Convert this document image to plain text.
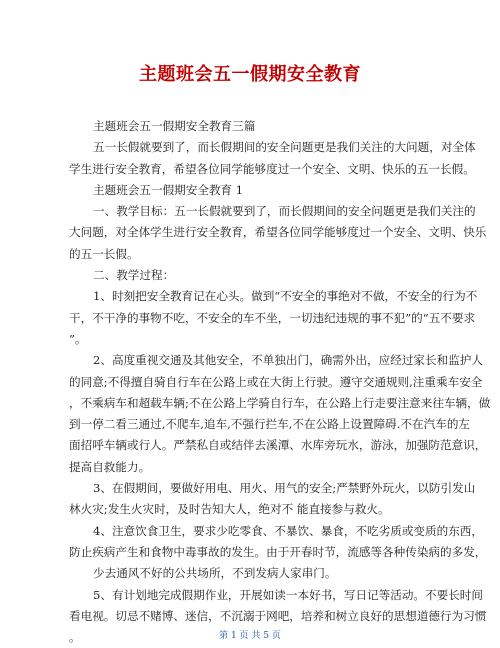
主题班会五一假期安全教育

主题班会五一假期安全教育三篇

五一长假就要到了，而长假期间的安全问题更是我们关注的大问题，对全体

学生进行安全教育，希望各位同学能够度过一个安全、文明、快乐的五一长假。

主题班会五一假期安全教育 1

一、教学目标：五一长假就要到了，而长假期间的安全问题更是我们关注的

大问题，对全体学生进行安全教育，希望各位同学能够度过一个安全、文明、快乐

的五一长假。

二、教学过程：

1、时刻把安全教育记在心头。做到“不安全的事绝对不做，不安全的行为不

干，不干净的事物不吃，不安全的车不坐，一切违纪违规的事不犯”的“五不要求

”。

2、高度重视交通及其他安全，不单独出门，确需外出，应经过家长和监护人

的同意;不得擅自骑自行车在公路上或在大街上行驶。遵守交通规则,注重乘车安全

，不乘病车和超载车辆;不在公路上学骑自行车，在公路上行走要注意来往车辆，做

到一停二看三通过,不爬车,追车,不强行拦车,不在公路上设置障碍.不在汽车的左

面招呼车辆或行人。严禁私自或结伴去溪潭、水库旁玩水，游泳，加强防范意识，

提高自救能力。

3、在假期间，要做好用电、用火、用气的安全;严禁野外玩火，以防引发山

林火灾;发生火灾时，及时告知大人，绝对不 能直接参与救火。

4、注意饮食卫生，要求少吃零食、不暴饮、暴食，不吃劣质或变质的东西，

防止疾病产生和食物中毒事故的发生。由于开春时节，流感等各种传染病的多发，

少去通风不好的公共场所，不到发病人家串门。

5、有计划地完成假期作业，开展如读一本好书，写日记等活动。不要长时间

看电视。切忌不赌博、迷信，不沉溺于网吧，培养和树立良好的思想道德行为习惯

。	第 1 页 共 5 页
